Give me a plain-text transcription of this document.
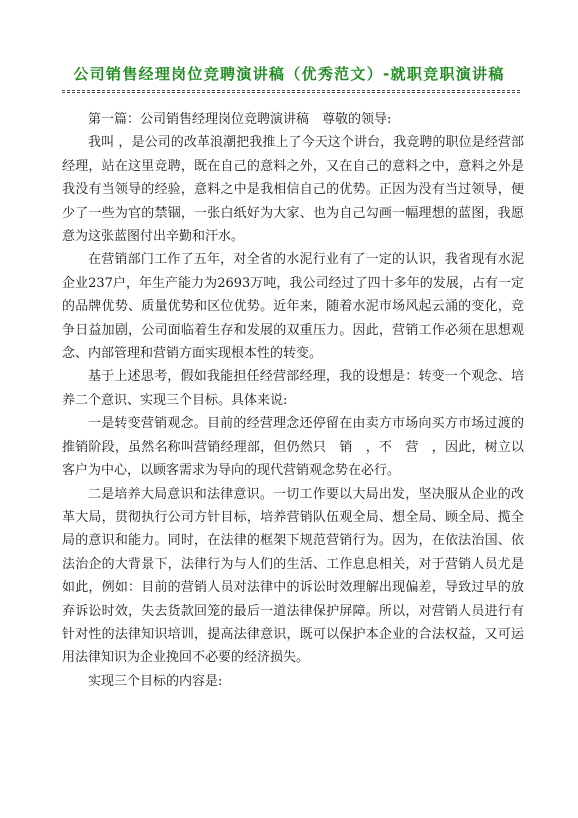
公司销售经理岗位竞聘演讲稿（优秀范文）-就职竞职演讲稿

第一篇：公司销售经理岗位竞聘演讲稿　尊敬的领导:

我叫 ，是公司的改革浪潮把我推上了今天这个讲台，我竞聘的职位是经营部经理，站在这里竞聘，既在自己的意料之外，又在自己的意料之中，意料之外是我没有当领导的经验，意料之中是我相信自己的优势。正因为没有当过领导，便少了一些为官的禁锢，一张白纸好为大家、也为自己勾画一幅理想的蓝图，我愿意为这张蓝图付出辛勤和汗水。

在营销部门工作了五年，对全省的水泥行业有了一定的认识，我省现有水泥企业237户，年生产能力为2693万吨，我公司经过了四十多年的发展，占有一定的品牌优势、质量优势和区位优势。近年来，随着水泥市场风起云涌的变化，竞争日益加剧，公司面临着生存和发展的双重压力。因此，营销工作必须在思想观念、内部管理和营销方面实现根本性的转变。

基于上述思考，假如我能担任经营部经理，我的设想是：转变一个观念、培养二个意识、实现三个目标。具体来说:

一是转变营销观念。目前的经营理念还停留在由卖方市场向买方市场过渡的推销阶段，虽然名称叫营销经理部，但仍然只　销　，不　营　，因此，树立以客户为中心，以顾客需求为导向的现代营销观念势在必行。

二是培养大局意识和法律意识。一切工作要以大局出发，坚决服从企业的改革大局，贯彻执行公司方针目标，培养营销队伍观全局、想全局、顾全局、揽全局的意识和能力。同时，在法律的框架下规范营销行为。因为，在依法治国、依法治企的大背景下，法律行为与人们的生活、工作息息相关，对于营销人员尤是如此，例如：目前的营销人员对法律中的诉讼时效理解出现偏差，导致过早的放弃诉讼时效，失去货款回笼的最后一道法律保护屏障。所以，对营销人员进行有针对性的法律知识培训，提高法律意识，既可以保护本企业的合法权益，又可运用法律知识为企业挽回不必要的经济损失。

实现三个目标的内容是:
